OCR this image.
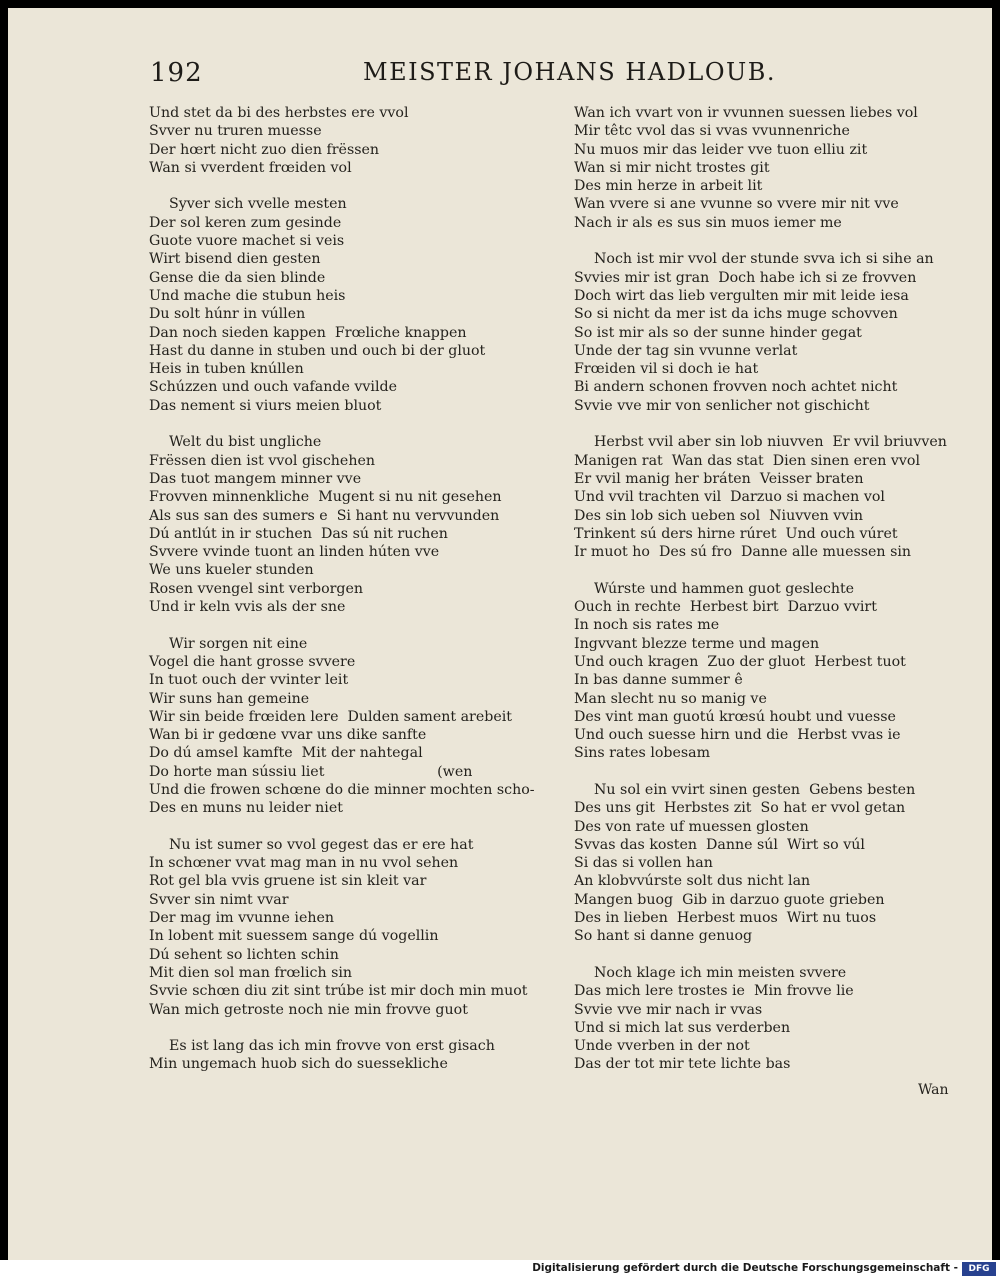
192	MEISTER JOHANS HADLOUB.
Und stet da bi des herbstes ere vvol
Svver nu truren muesse
Der hœrt nicht zuo dien frëssen
Wan si vverdent frœiden vol
Syver sich vvelle mesten
Der sol keren zum gesinde
Guote vuore machet si veis
Wirt bisend dien gesten
Gense die da sien blinde
Und mache die stubun heis
Du solt húnr in vúllen
Dan noch sieden kappen  Frœliche knappen
Hast du danne in stuben und ouch bi der gluot
Heis in tuben knúllen
Schúzzen und ouch vafande vvilde
Das nement si viurs meien bluot
Welt du bist ungliche
Frëssen dien ist vvol gischehen
Das tuot mangem minner vve
Frovven minnenkliche  Mugent si nu nit gesehen
Als sus san des sumers e  Si hant nu vervvunden
Dú antlút in ir stuchen  Das sú nit ruchen
Svvere vvinde tuont an linden húten vve
We uns kueler stunden
Rosen vvengel sint verborgen
Und ir keln vvis als der sne
Wir sorgen nit eine
Vogel die hant grosse svvere
In tuot ouch der vvinter leit
Wir suns han gemeine
Wir sin beide frœiden lere  Dulden sament arebeit
Wan bi ir gedœne vvar uns dike sanfte
Do dú amsel kamfte  Mit der nahtegal
Do horte man sússiu liet                         (wen
Und die frowen schœne do die minner mochten scho-
Des en muns nu leider niet
Nu ist sumer so vvol gegest das er ere hat
In schœner vvat mag man in nu vvol sehen
Rot gel bla vvis gruene ist sin kleit var
Svver sin nimt vvar
Der mag im vvunne iehen
In lobent mit suessem sange dú vogellin
Dú sehent so lichten schin
Mit dien sol man frœlich sin
Svvie schœn diu zit sint trúbe ist mir doch min muot
Wan mich getroste noch nie min frovve guot
Es ist lang das ich min frovve von erst gisach
Min ungemach huob sich do suessekliche
Wan ich vvart von ir vvunnen suessen liebes vol
Mir têtc vvol das si vvas vvunnenriche
Nu muos mir das leider vve tuon elliu zit
Wan si mir nicht trostes git
Des min herze in arbeit lit
Wan vvere si ane vvunne so vvere mir nit vve
Nach ir als es sus sin muos iemer me
Noch ist mir vvol der stunde svva ich si sihe an
Svvies mir ist gran  Doch habe ich si ze frovven
Doch wirt das lieb vergulten mir mit leide iesa
So si nicht da mer ist da ichs muge schovven
So ist mir als so der sunne hinder gegat
Unde der tag sin vvunne verlat
Frœiden vil si doch ie hat
Bi andern schonen frovven noch achtet nicht
Svvie vve mir von senlicher not gischicht
Herbst vvil aber sin lob niuvven  Er vvil briuvven
Manigen rat  Wan das stat  Dien sinen eren vvol
Er vvil manig her bráten  Veisser braten
Und vvil trachten vil  Darzuo si machen vol
Des sin lob sich ueben sol  Niuvven vvin
Trinkent sú ders hirne rúret  Und ouch vúret
Ir muot ho  Des sú fro  Danne alle muessen sin
Wúrste und hammen guot geslechte
Ouch in rechte  Herbest birt  Darzuo vvirt
In noch sis rates me
Ingvvant blezze terme und magen
Und ouch kragen  Zuo der gluot  Herbest tuot
In bas danne summer ê
Man slecht nu so manig ve
Des vint man guotú krœsú houbt und vuesse
Und ouch suesse hirn und die  Herbst vvas ie
Sins rates lobesam
Nu sol ein vvirt sinen gesten  Gebens besten
Des uns git  Herbstes zit  So hat er vvol getan
Des von rate uf muessen glosten
Svvas das kosten  Danne súl  Wirt so vúl
Si das si vollen han
An klobvvúrste solt dus nicht lan
Mangen buog  Gib in darzuo guote grieben
Des in lieben  Herbest muos  Wirt nu tuos
So hant si danne genuog
Noch klage ich min meisten svvere
Das mich lere trostes ie  Min frovve lie
Svvie vve mir nach ir vvas
Und si mich lat sus verderben
Unde vverben in der not
Das der tot mir tete lichte bas
Wan
Digitalisierung gefördert durch die Deutsche Forschungsgemeinschaft -	DFG
